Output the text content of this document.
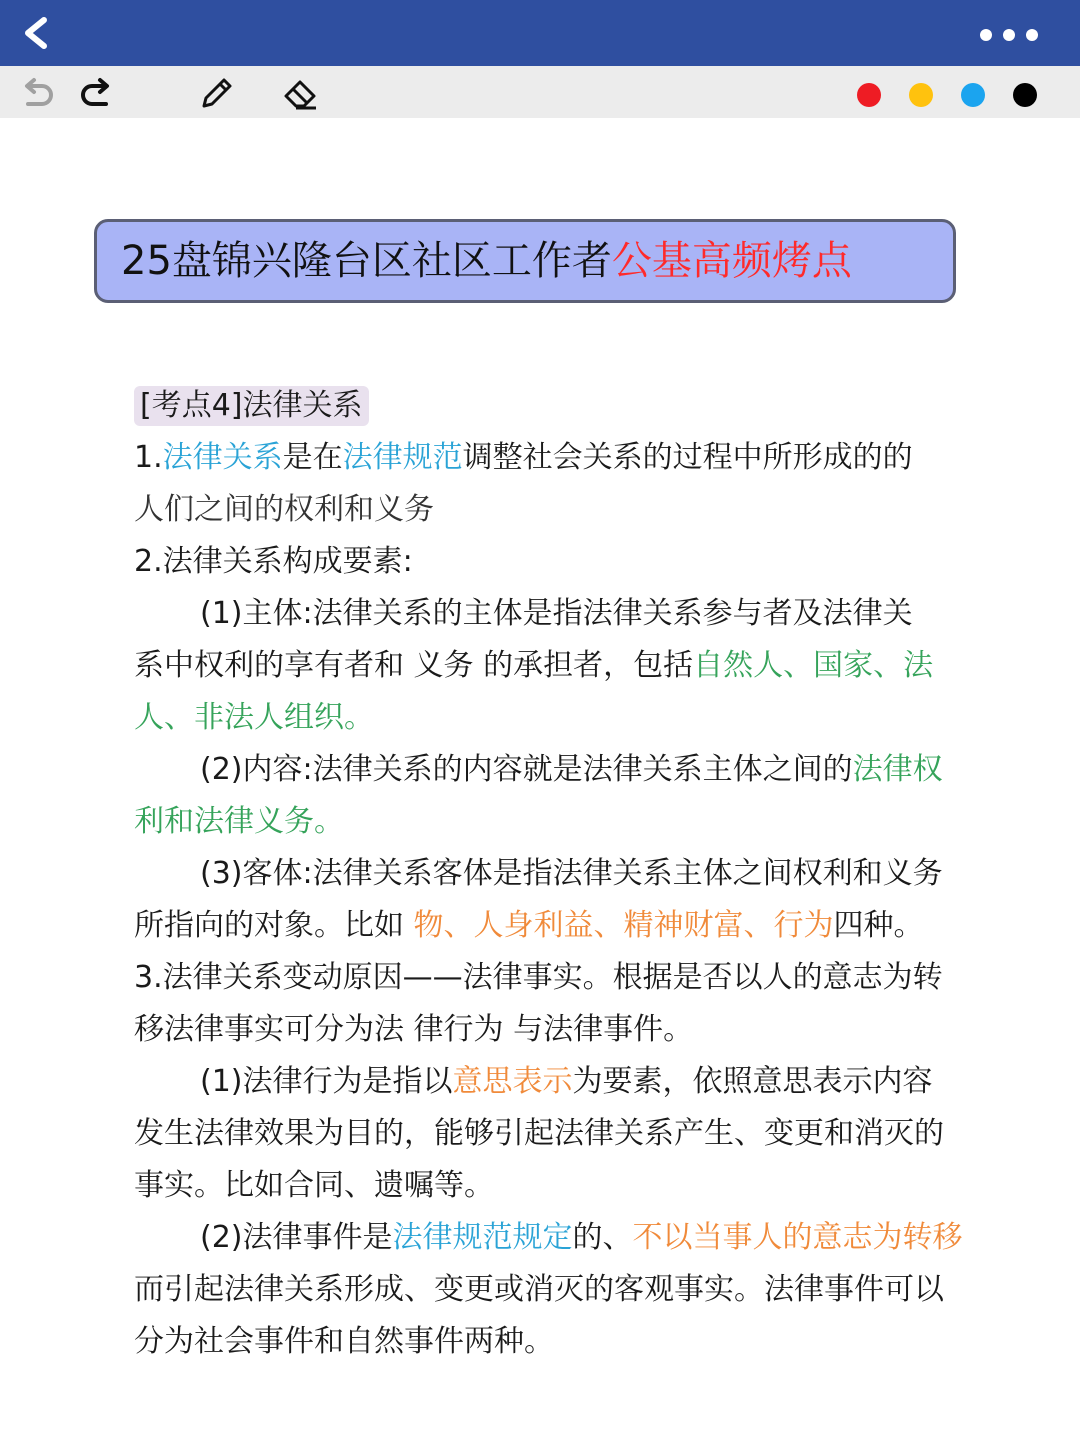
25盘锦兴隆台区社区工作者公基高频烤点
[考点4]法律关系
1.法律关系是在法律规范调整社会关系的过程中所形成的的
人们之间的权利和义务
2.法律关系构成要素:
(1)主体:法律关系的主体是指法律关系参与者及法律关
系中权利的享有者和 义务 的承担者，包括自然人、国家、法
人、非法人组织。
(2)内容:法律关系的内容就是法律关系主体之间的法律权
利和法律义务。
(3)客体:法律关系客体是指法律关系主体之间权利和义务
所指向的对象。比如 物、人身利益、精神财富、行为四种。
3.法律关系变动原因——法律事实。根据是否以人的意志为转
移法律事实可分为法 律行为 与法律事件。
(1)法律行为是指以意思表示为要素，依照意思表示内容
发生法律效果为目的，能够引起法律关系产生、变更和消灭的
事实。比如合同、遗嘱等。
(2)法律事件是法律规范规定的、不以当事人的意志为转移
而引起法律关系形成、变更或消灭的客观事实。法律事件可以
分为社会事件和自然事件两种。
